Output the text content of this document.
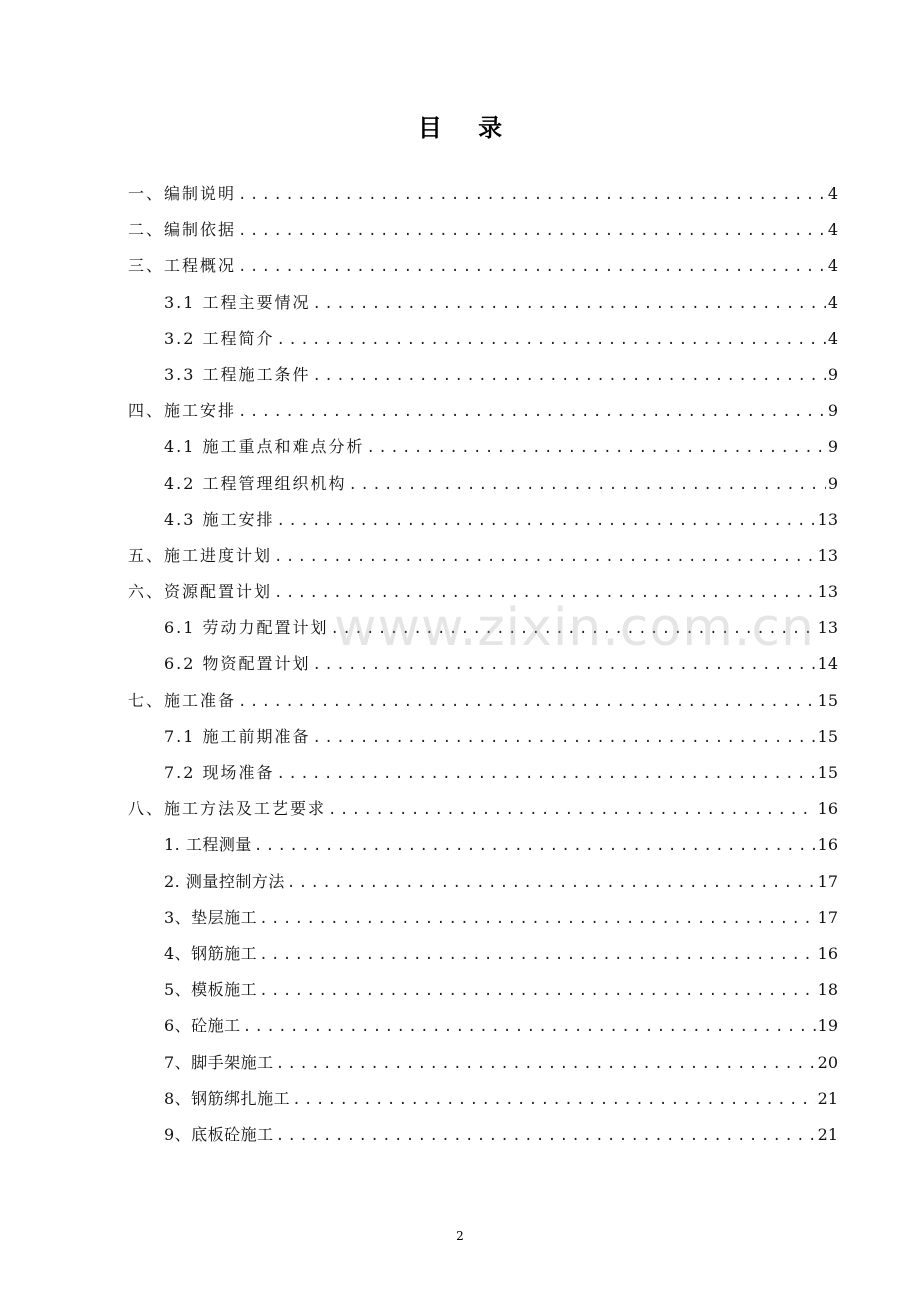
目 录
一、编制说明 .....	4
二、编制依据 .....	4
三、工程概况 .....	4
3.1 工程主要情况 .....	4
3.2 工程简介 .....	4
3.3 工程施工条件 .....	9
四、施工安排 .....	9
4.1 施工重点和难点分析 .....	9
4.2 工程管理组织机构 .....	9
4.3 施工安排 .....	13
五、施工进度计划 .....	13
六、资源配置计划 .....	13
6.1 劳动力配置计划 .....	13
6.2 物资配置计划 .....	14
七、施工准备 .....	15
7.1 施工前期准备 .....	15
7.2 现场准备 .....	15
八、施工方法及工艺要求 .....	16
1. 工程测量 .....	16
2. 测量控制方法 .....	17
3、垫层施工 .....	17
4、钢筋施工 .....	16
5、模板施工 .....	18
6、砼施工 .....	19
7、脚手架施工 .....	20
8、钢筋绑扎施工 .....	21
9、底板砼施工 .....	21
www.zixin.com.cn
2
